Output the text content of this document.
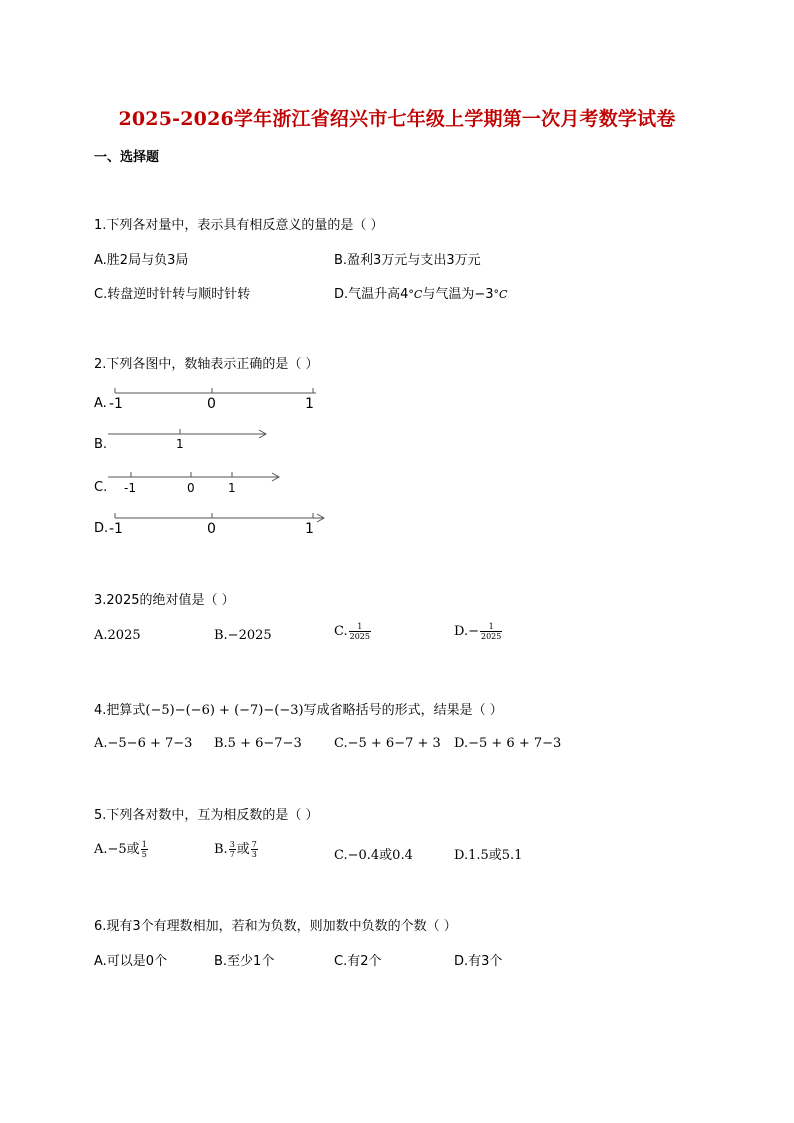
2025-2026学年浙江省绍兴市七年级上学期第一次月考数学试卷
一、选择题
1.下列各对量中，表示具有相反意义的量的是（ ）
A.胜2局与负3局	B.盈利3万元与支出3万元
C.转盘逆时针转与顺时针转	D.气温升高4°C与气温为−3°C
2.下列各图中，数轴表示正确的是（ ）
A. -1	0	1
B.	1
C. -1	0	1
D. -1	0	1
3.2025的绝对值是（ ）
A.2025	B.−2025	C. $\frac{1}{2025}$	$D.- \frac{1}{2025}$
4.把算式(−5)−(−6) + (−7)−(−3)写成省略括号的形式，结果是（ ）
A.−5−6 + 7−3 B.5 + 6−7−3 C.−5 + 6−7 + 3 D.−5 + 6 + 7−3
5.下列各对数中，互为相反数的是（ ）
A.−5或 $\frac{1}{5}$	B. $\frac{3}{7}$ 或 $\frac{7}{3}$	C.−0.4或0.4	D.1.5或5.1
6.现有3个有理数相加，若和为负数，则加数中负数的个数（ ）
A.可以是0个	B.至少1个	C.有2个	D.有3个
